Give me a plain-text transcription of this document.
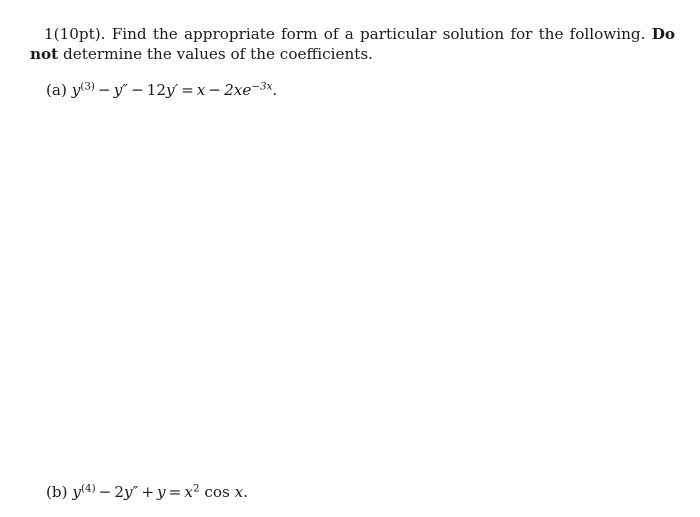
1(10pt). Find the appropriate form of a particular solution for the following. Do not determine the values of the coefficients.
(a) $y^{(3)} - y'' - 12y' = x - 2xe^{-3x}$.
(b) $y^{(4)} - 2y'' + y = x^2$ cos x.
